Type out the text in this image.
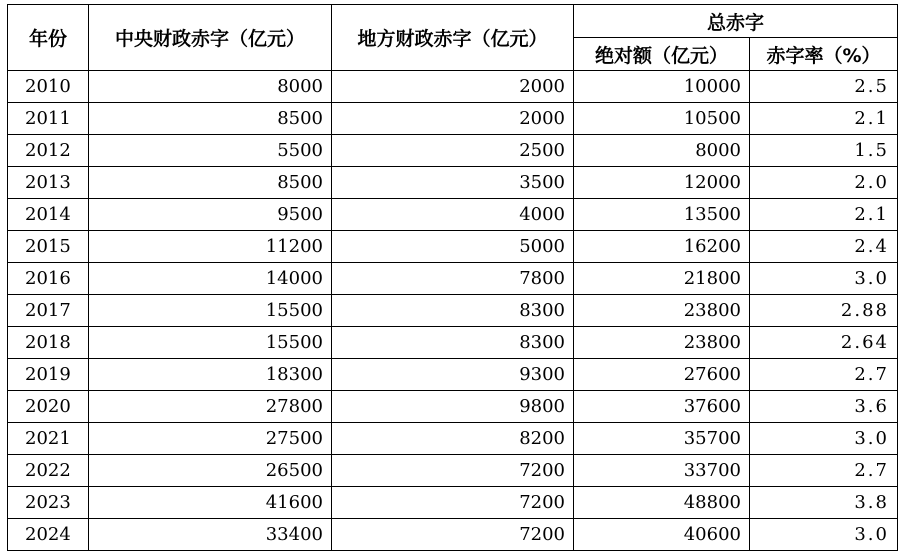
年份	中央财政赤字（亿元）	地方财政赤字（亿元）	总赤字	
			绝对额（亿元）	赤字率（%）
2010	8000	2000	10000	2.5
2011	8500	2000	10500	2.1
2012	5500	2500	8000	1.5
2013	8500	3500	12000	2.0
2014	9500	4000	13500	2.1
2015	11200	5000	16200	2.4
2016	14000	7800	21800	3.0
2017	15500	8300	23800	2.88
2018	15500	8300	23800	2.64
2019	18300	9300	27600	2.7
2020	27800	9800	37600	3.6
2021	27500	8200	35700	3.0
2022	26500	7200	33700	2.7
2023	41600	7200	48800	3.8
2024	33400	7200	40600	3.0
